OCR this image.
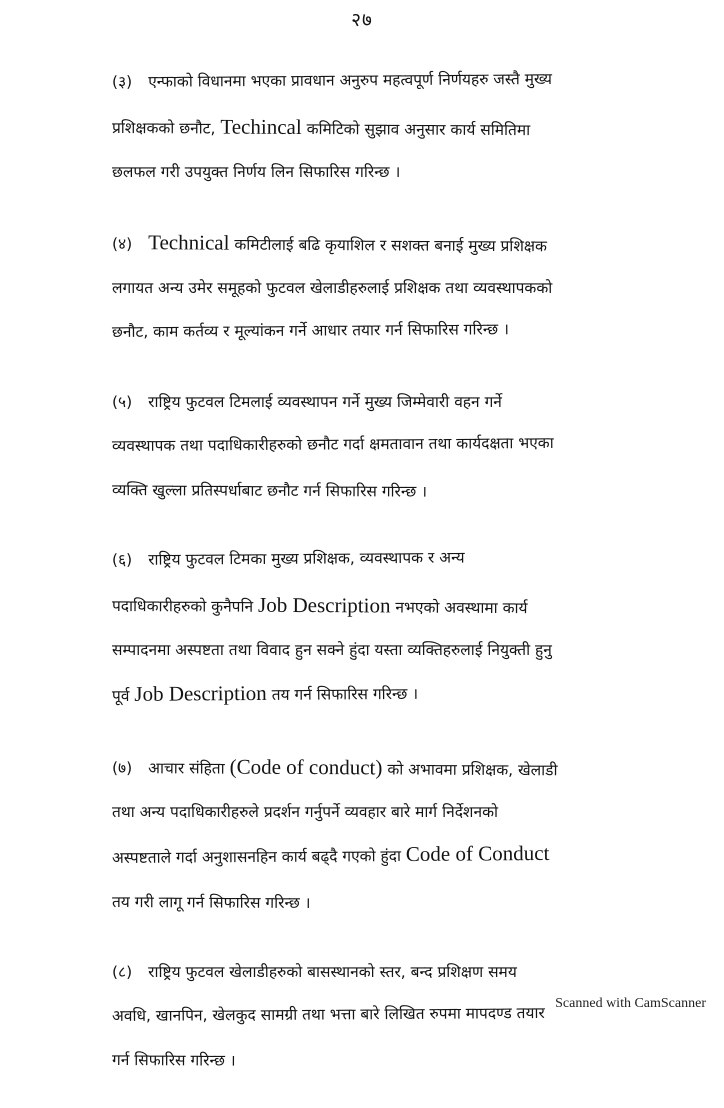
२७
(३) एन्फाको विधानमा भएका प्रावधान अनुरुप महत्वपूर्ण निर्णयहरु जस्तै मुख्य
प्रशिक्षकको छनौट, Techincal कमिटिको सुझाव अनुसार कार्य समितिमा
छलफल गरी उपयुक्त निर्णय लिन सिफारिस गरिन्छ ।
(४) Technical कमिटीलाई बढि कृयाशिल र सशक्त बनाई मुख्य प्रशिक्षक
लगायत अन्य उमेर समूहको फुटवल खेलाडीहरुलाई प्रशिक्षक तथा व्यवस्थापकको
छनौट, काम कर्तव्य र मूल्यांकन गर्ने आधार तयार गर्न सिफारिस गरिन्छ ।
(५) राष्ट्रिय फुटवल टिमलाई व्यवस्थापन गर्ने मुख्य जिम्मेवारी वहन गर्ने
व्यवस्थापक तथा पदाधिकारीहरुको छनौट गर्दा क्षमतावान तथा कार्यदक्षता भएका
व्यक्ति खुल्ला प्रतिस्पर्धाबाट छनौट गर्न सिफारिस गरिन्छ ।
(६) राष्ट्रिय फुटवल टिमका मुख्य प्रशिक्षक, व्यवस्थापक र अन्य
पदाधिकारीहरुको कुनैपनि Job Description नभएको अवस्थामा कार्य
सम्पादनमा अस्पष्टता तथा विवाद हुन सक्ने हुंदा यस्ता व्यक्तिहरुलाई नियुक्ती हुनु
पूर्व Job Description तय गर्न सिफारिस गरिन्छ ।
(७) आचार संहिता (Code of conduct) को अभावमा प्रशिक्षक, खेलाडी
तथा अन्य पदाधिकारीहरुले प्रदर्शन गर्नुपर्ने व्यवहार बारे मार्ग निर्देशनको
अस्पष्टताले गर्दा अनुशासनहिन कार्य बढ्दै गएको हुंदा Code of Conduct
तय गरी लागू गर्न सिफारिस गरिन्छ ।
(८) राष्ट्रिय फुटवल खेलाडीहरुको बासस्थानको स्तर, बन्द प्रशिक्षण समय
अवधि, खानपिन, खेलकुद सामग्री तथा भत्ता बारे लिखित रुपमा मापदण्ड तयार
गर्न सिफारिस गरिन्छ ।
Scanned with CamScanner
